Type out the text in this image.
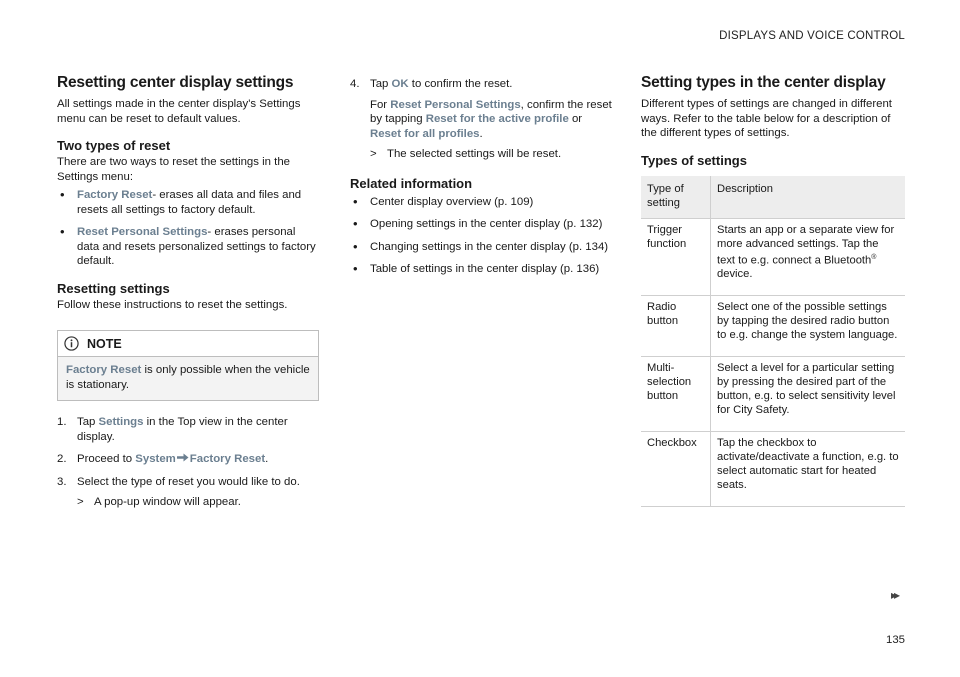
DISPLAYS AND VOICE CONTROL
Resetting center display settings

All settings made in the center display's Settings menu can be reset to default values.

Two types of reset

There are two ways to reset the settings in the Settings menu:

• Factory Reset- erases all data and files and resets all settings to factory default.
• Reset Personal Settings- erases personal data and resets personalized settings to factory default.
Resetting settings

Follow these instructions to reset the settings.

NOTE
Factory Reset is only possible when the vehicle is stationary.
1. Tap Settings in the Top view in the center display.
2. Proceed to System Factory Reset.
3. Select the type of reset you would like to do.
> A pop-up window will appear.
4. Tap OK to confirm the reset.
For Reset Personal Settings, confirm the reset by tapping Reset for the active profile or Reset for all profiles.
> The selected settings will be reset.
Related information
• Center display overview (p. 109)
• Opening settings in the center display (p. 132)
• Changing settings in the center display (p. 134)
• Table of settings in the center display (p. 136)
Setting types in the center display

Different types of settings are changed in different ways. Refer to the table below for a description of the different types of settings.

Types of settings
Type of setting	Description
Trigger function	Starts an app or a separate view for more advanced settings. Tap the text to e.g. connect a Bluetooth® device.
Radio button	Select one of the possible settings by tapping the desired radio button to e.g. change the system language.
Multi-selection button	Select a level for a particular setting by pressing the desired part of the button, e.g. to select sensitivity level for City Safety.
Checkbox	Tap the checkbox to activate/deactivate a function, e.g. to select automatic start for heated seats.
▸▸
135
